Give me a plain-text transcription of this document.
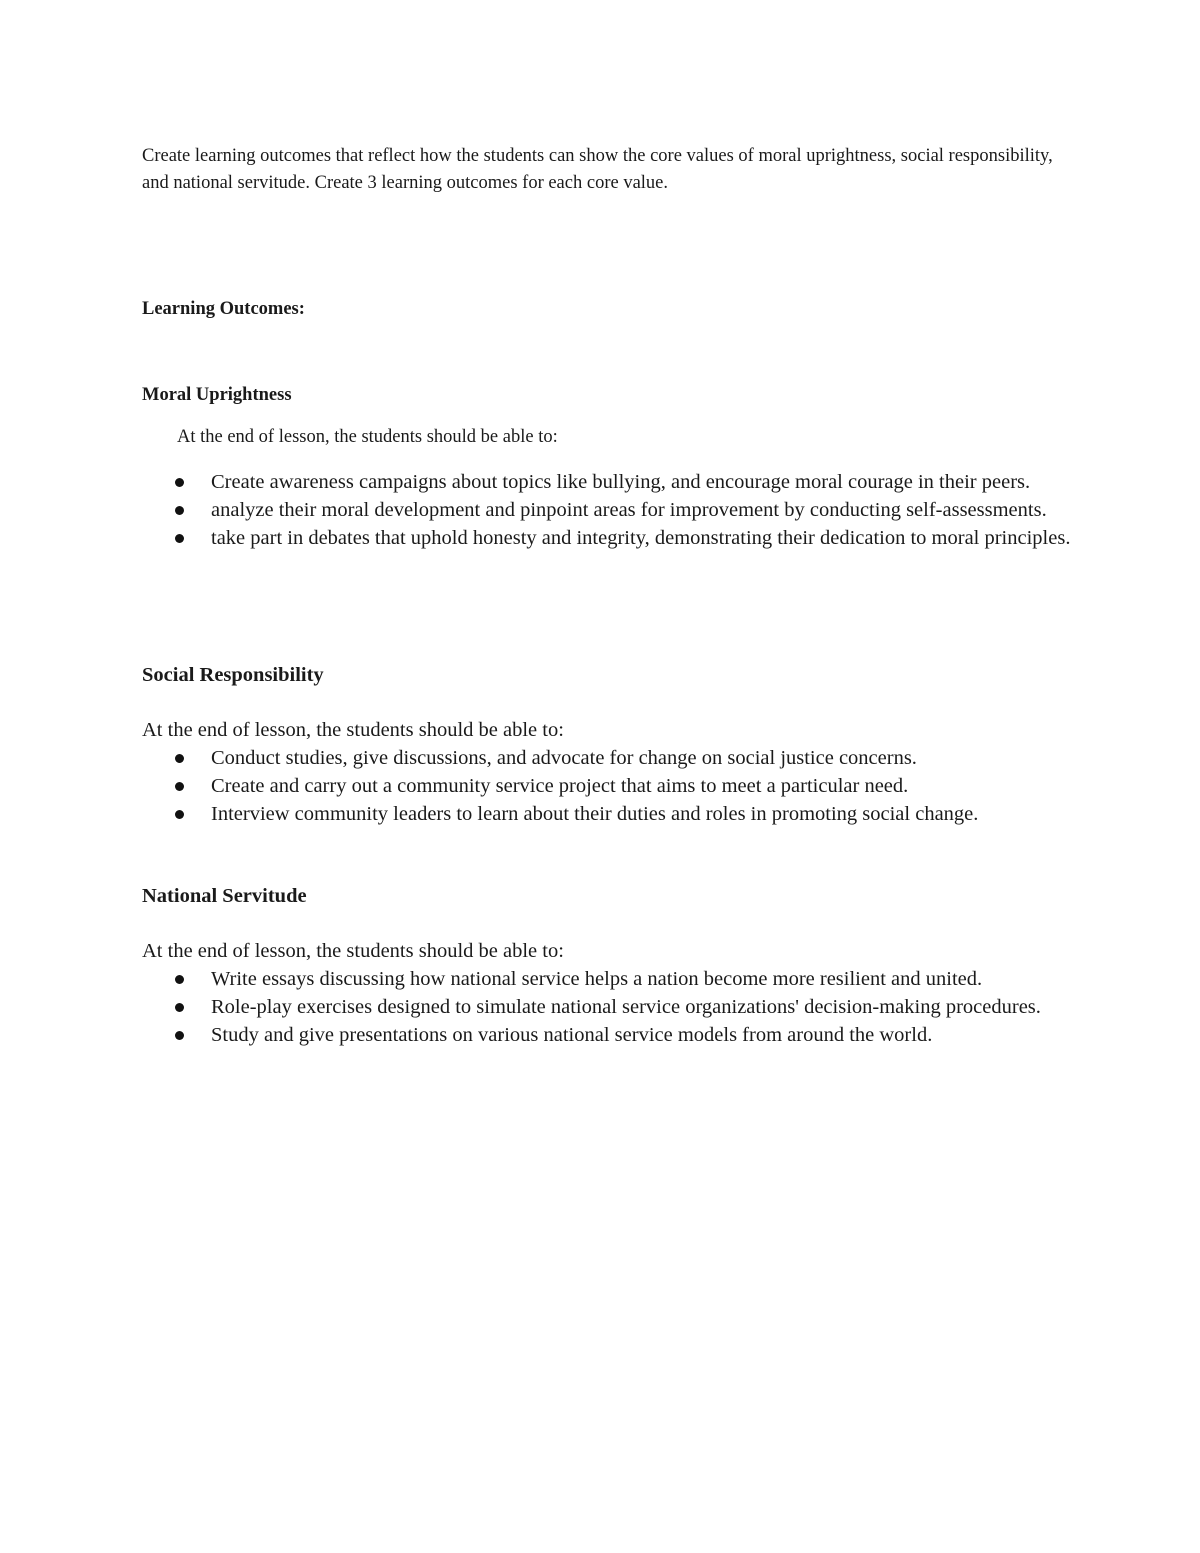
Create learning outcomes that reflect how the students can show the core values of moral uprightness, social responsibility, and national servitude. Create 3 learning outcomes for each core value.

Learning Outcomes:
Moral Uprightness
At the end of lesson, the students should be able to:
Create awareness campaigns about topics like bullying, and encourage moral courage in their peers.
analyze their moral development and pinpoint areas for improvement by conducting self-assessments.
take part in debates that uphold honesty and integrity, demonstrating their dedication to moral principles.
Social Responsibility
At the end of lesson, the students should be able to:
Conduct studies, give discussions, and advocate for change on social justice concerns.
Create and carry out a community service project that aims to meet a particular need.
Interview community leaders to learn about their duties and roles in promoting social change.
National Servitude
At the end of lesson, the students should be able to:
Write essays discussing how national service helps a nation become more resilient and united.
Role-play exercises designed to simulate national service organizations' decision-making procedures.
Study and give presentations on various national service models from around the world.
